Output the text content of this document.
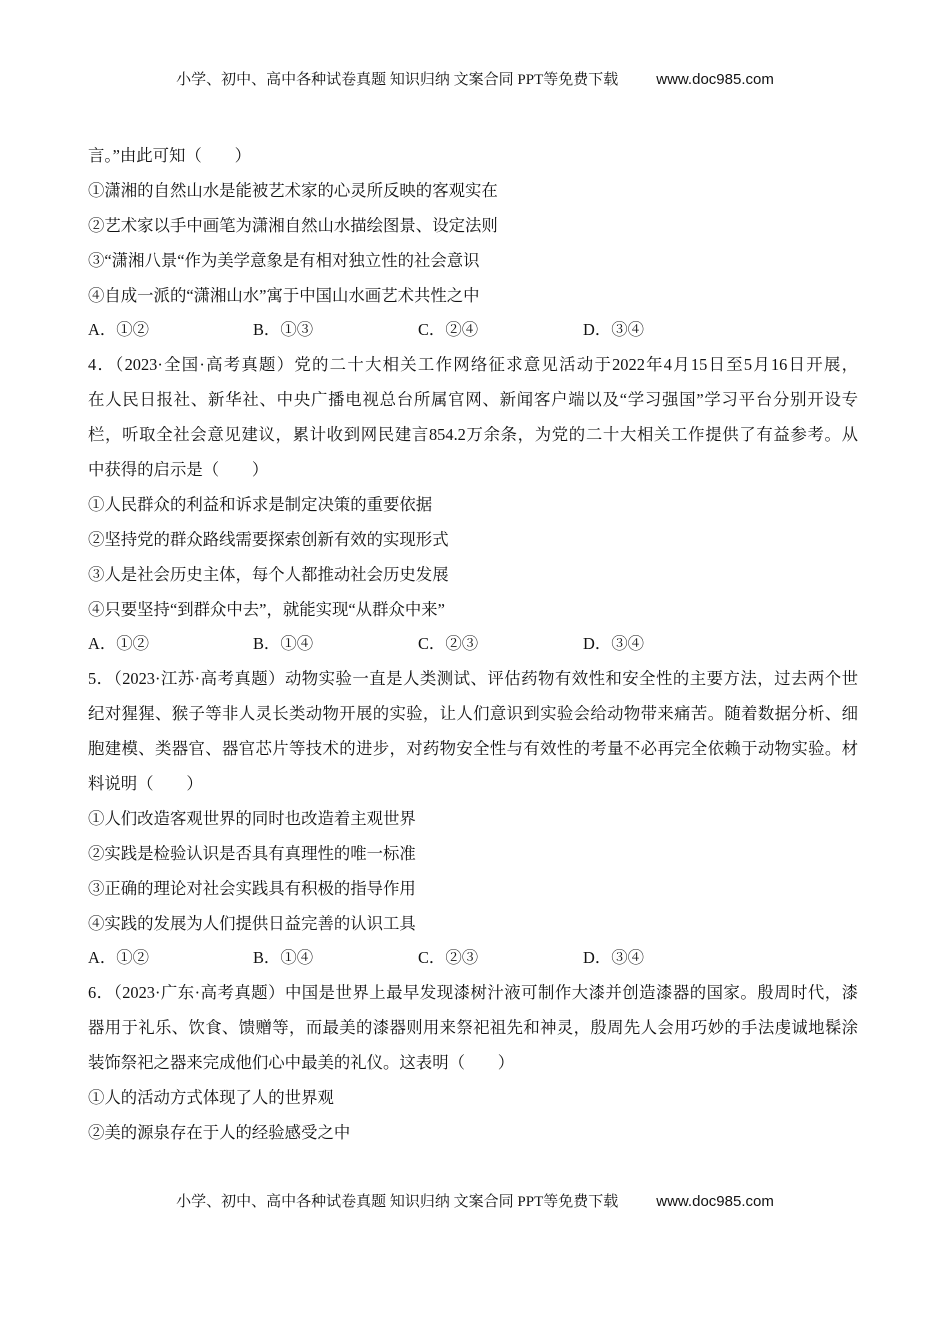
小学、初中、高中各种试卷真题 知识归纳 文案合同 PPT等免费下载	www.doc985.com
言。”由此可知（　　）
①潇湘的自然山水是能被艺术家的心灵所反映的客观实在
②艺术家以手中画笔为潇湘自然山水描绘图景、设定法则
③“潇湘八景“作为美学意象是有相对独立性的社会意识
④自成一派的“潇湘山水”寓于中国山水画艺术共性之中
A．①②	B．①③	C．②④	D．③④
4．（2023·全国·高考真题）党的二十大相关工作网络征求意见活动于2022年4月15日至5月16日开展，
在人民日报社、新华社、中央广播电视总台所属官网、新闻客户端以及“学习强国”学习平台分别开设专
栏，听取全社会意见建议，累计收到网民建言854.2万余条，为党的二十大相关工作提供了有益参考。从
中获得的启示是（　　）
①人民群众的利益和诉求是制定决策的重要依据
②坚持党的群众路线需要探索创新有效的实现形式
③人是社会历史主体，每个人都推动社会历史发展
④只要坚持“到群众中去”，就能实现“从群众中来”
A．①②	B．①④	C．②③	D．③④
5．（2023·江苏·高考真题）动物实验一直是人类测试、评估药物有效性和安全性的主要方法，过去两个世
纪对猩猩、猴子等非人灵长类动物开展的实验，让人们意识到实验会给动物带来痛苦。随着数据分析、细
胞建模、类器官、器官芯片等技术的进步，对药物安全性与有效性的考量不必再完全依赖于动物实验。材
料说明（　　）
①人们改造客观世界的同时也改造着主观世界
②实践是检验认识是否具有真理性的唯一标准
③正确的理论对社会实践具有积极的指导作用
④实践的发展为人们提供日益完善的认识工具
A．①②	B．①④	C．②③	D．③④
6．（2023·广东·高考真题）中国是世界上最早发现漆树汁液可制作大漆并创造漆器的国家。殷周时代，漆
器用于礼乐、饮食、馈赠等，而最美的漆器则用来祭祀祖先和神灵，殷周先人会用巧妙的手法虔诚地髹涂
装饰祭祀之器来完成他们心中最美的礼仪。这表明（　　）
①人的活动方式体现了人的世界观
②美的源泉存在于人的经验感受之中
小学、初中、高中各种试卷真题 知识归纳 文案合同 PPT等免费下载	www.doc985.com
